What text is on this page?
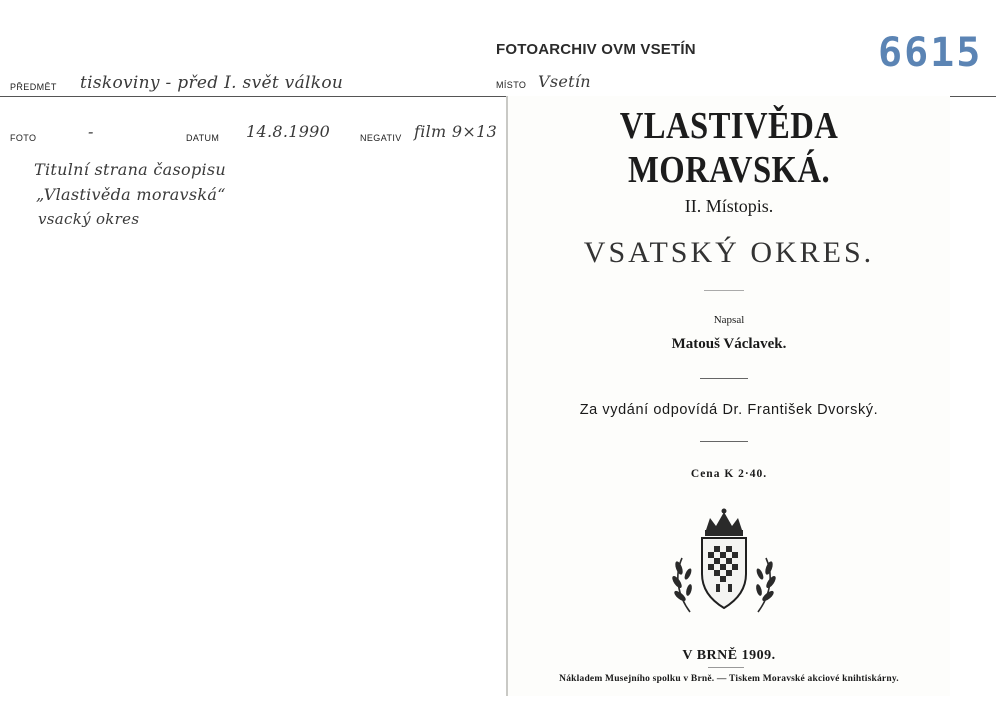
FOTOARCHIV OVM VSETÍN	6615
PŘEDMĚT tiskoviny - před I. svět válkou	MÍSTO Vsetín
FOTO	-	DATUM 14.8.1990	NEGATIV film 9×13
Titulní strana časopisu
„Vlastivěda moravská“
vsacký okres
VLASTIVĚDA MORAVSKÁ.
II. Místopis.
VSATSKÝ OKRES.
Napsal
Matouš Václavek.
Za vydání odpovídá Dr. František Dvorský.
Cena K 2·40.
V BRNĚ 1909.
Nákladem Musejního spolku v Brně. — Tiskem Moravské akciové knihtiskárny.
